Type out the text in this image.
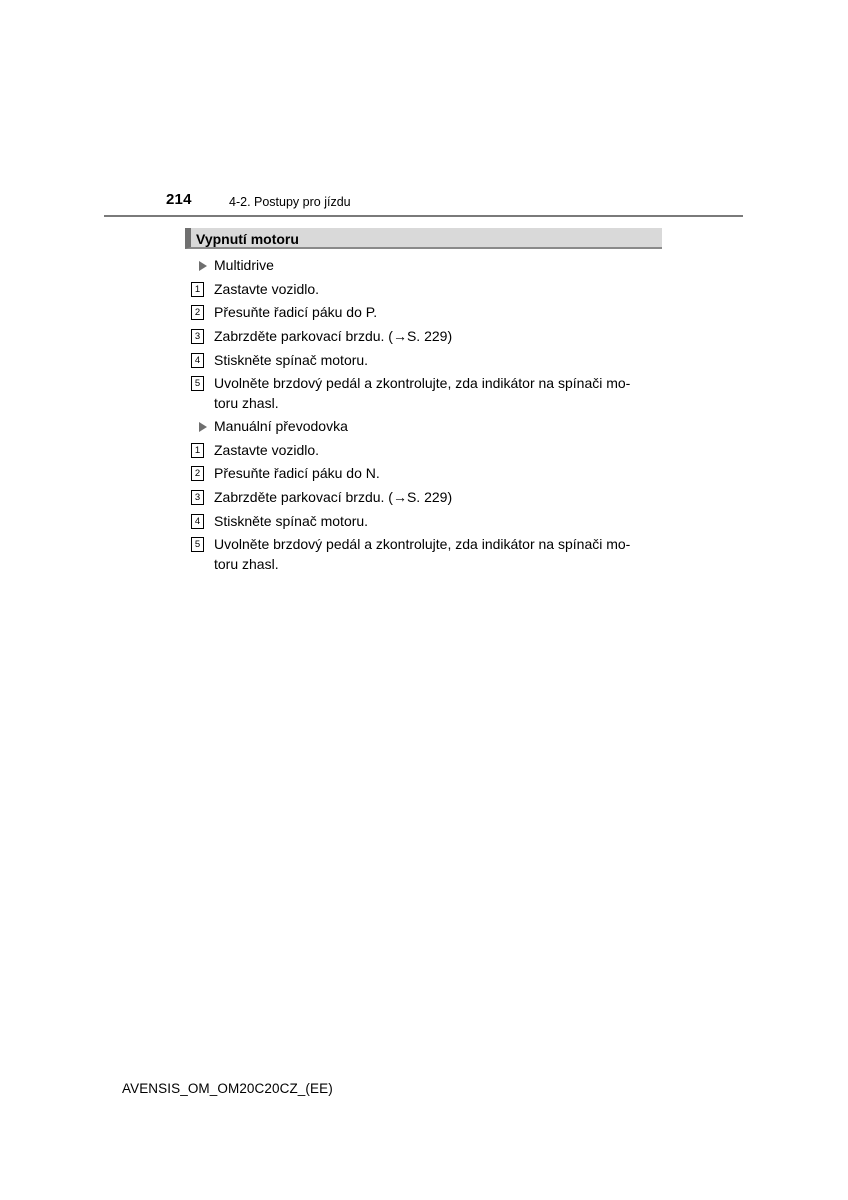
214	4-2. Postupy pro jízdu
Vypnutí motoru
Multidrive
1 Zastavte vozidlo.
2 Přesuňte řadicí páku do P.
3 Zabrzděte parkovací brzdu. (→S. 229)
4 Stiskněte spínač motoru.
5 Uvolněte brzdový pedál a zkontrolujte, zda indikátor na spínači mo-
toru zhasl.
Manuální převodovka
1 Zastavte vozidlo.
2 Přesuňte řadicí páku do N.
3 Zabrzděte parkovací brzdu. (→S. 229)
4 Stiskněte spínač motoru.
5 Uvolněte brzdový pedál a zkontrolujte, zda indikátor na spínači mo-
toru zhasl.
AVENSIS_OM_OM20C20CZ_(EE)
